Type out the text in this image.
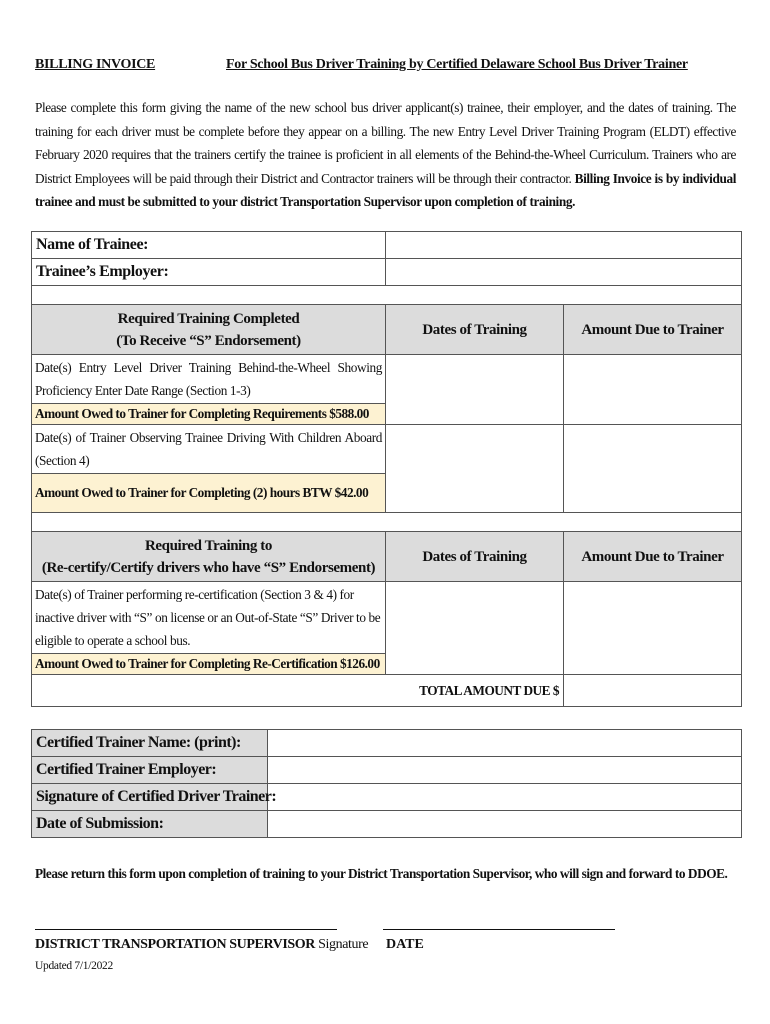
BILLING INVOICE	For School Bus Driver Training by Certified Delaware School Bus Driver Trainer
Please complete this form giving the name of the new school bus driver applicant(s) trainee, their employer, and the dates of training. The training for each driver must be complete before they appear on a billing. The new Entry Level Driver Training Program (ELDT) effective February 2020 requires that the trainers certify the trainee is proficient in all elements of the Behind-the-Wheel Curriculum. Trainers who are District Employees will be paid through their District and Contractor trainers will be through their contractor. Billing Invoice is by individual trainee and must be submitted to your district Transportation Supervisor upon completion of training.
Name of Trainee:		
Trainee’s Employer:		

Required Training Completed
(To Receive “S” Endorsement)	Dates of Training	Amount Due to Trainer
Date(s) Entry Level Driver Training Behind-the-Wheel Showing Proficiency Enter Date Range (Section 1-3)		
Amount Owed to Trainer for Completing Requirements $588.00		
Date(s) of Trainer Observing Trainee Driving With Children Aboard (Section 4)		
Amount Owed to Trainer for Completing (2) hours BTW $42.00		

Required Training to
(Re-certify/Certify drivers who have “S” Endorsement)	Dates of Training	Amount Due to Trainer
Date(s) of Trainer performing re-certification (Section 3 & 4) for inactive driver with “S” on license or an Out-of-State “S” Driver to be eligible to operate a school bus.		
Amount Owed to Trainer for Completing Re-Certification $126.00		
TOTAL AMOUNT DUE $		
Certified Trainer Name: (print):	
Certified Trainer Employer:	
Signature of Certified Driver Trainer:	
Date of Submission:	
Please return this form upon completion of training to your District Transportation Supervisor, who will sign and forward to DDOE.
DISTRICT TRANSPORTATION SUPERVISOR Signature DATE
Updated 7/1/2022
